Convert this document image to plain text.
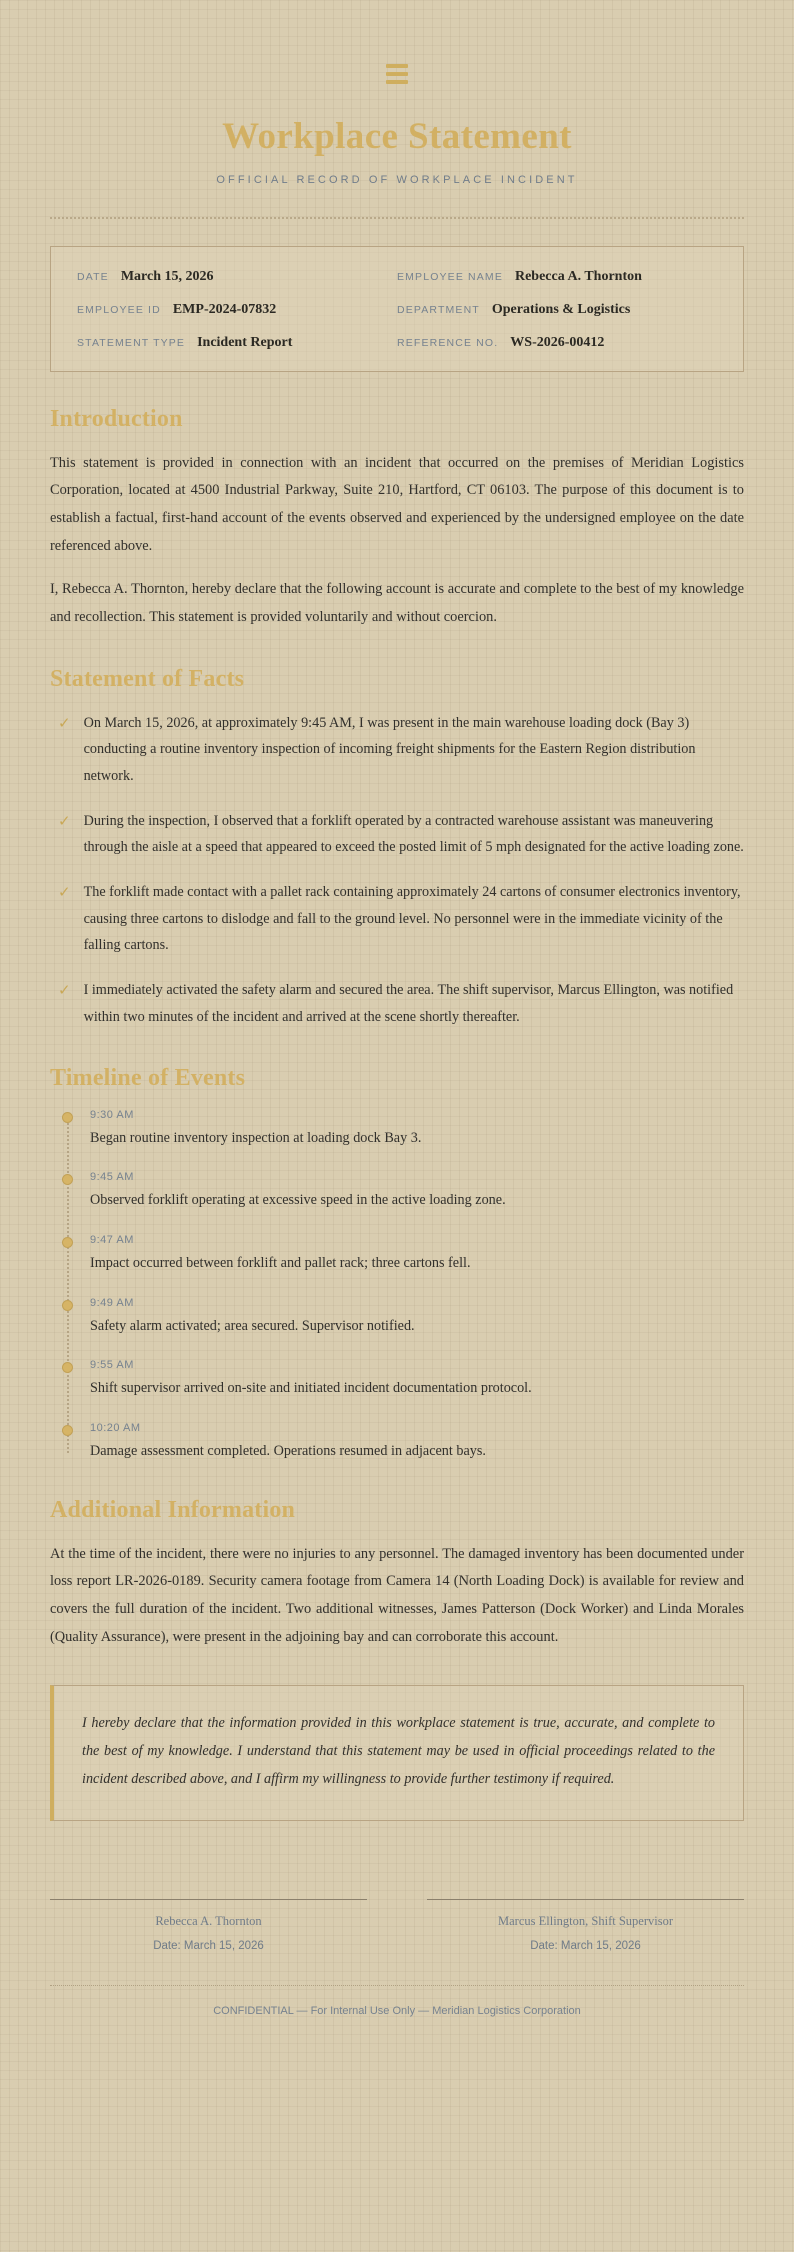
Workplace Statement

OFFICIAL RECORD OF WORKPLACE INCIDENT

DATE March 15, 2026
EMPLOYEE ID EMP-2024-07832
STATEMENT TYPE Incident Report
EMPLOYEE NAME Rebecca A. Thornton
DEPARTMENT Operations & Logistics
REFERENCE NO. WS-2026-00412
Introduction

This statement is provided in connection with an incident that occurred on the premises of Meridian Logistics Corporation, located at 4500 Industrial Parkway, Suite 210, Hartford, CT 06103. The purpose of this document is to establish a factual, first-hand account of the events observed and experienced by the undersigned employee on the date referenced above.

I, Rebecca A. Thornton, hereby declare that the following account is accurate and complete to the best of my knowledge and recollection. This statement is provided voluntarily and without coercion.

Statement of Facts
✓ On March 15, 2026, at approximately 9:45 AM, I was present in the main warehouse loading dock (Bay 3) conducting a routine inventory inspection of incoming freight shipments for the Eastern Region distribution network.
✓ During the inspection, I observed that a forklift operated by a contracted warehouse assistant was maneuvering through the aisle at a speed that appeared to exceed the posted limit of 5 mph designated for the active loading zone.
✓ The forklift made contact with a pallet rack containing approximately 24 cartons of consumer electronics inventory, causing three cartons to dislodge and fall to the ground level. No personnel were in the immediate vicinity of the falling cartons.
✓ I immediately activated the safety alarm and secured the area. The shift supervisor, Marcus Ellington, was notified within two minutes of the incident and arrived at the scene shortly thereafter.
Timeline of Events
9:30 AM
Began routine inventory inspection at loading dock Bay 3.
9:45 AM
Observed forklift operating at excessive speed in the active loading zone.
9:47 AM
Impact occurred between forklift and pallet rack; three cartons fell.
9:49 AM
Safety alarm activated; area secured. Supervisor notified.
9:55 AM
Shift supervisor arrived on-site and initiated incident documentation protocol.
10:20 AM
Damage assessment completed. Operations resumed in adjacent bays.
Additional Information

At the time of the incident, there were no injuries to any personnel. The damaged inventory has been documented under loss report LR-2026-0189. Security camera footage from Camera 14 (North Loading Dock) is available for review and covers the full duration of the incident. Two additional witnesses, James Patterson (Dock Worker) and Linda Morales (Quality Assurance), were present in the adjoining bay and can corroborate this account.

I hereby declare that the information provided in this workplace statement is true, accurate, and complete to the best of my knowledge. I understand that this statement may be used in official proceedings related to the incident described above, and I affirm my willingness to provide further testimony if required.

Rebecca A. Thornton
Date: March 15, 2026
Marcus Ellington, Shift Supervisor
Date: March 15, 2026
CONFIDENTIAL — For Internal Use Only — Meridian Logistics Corporation
